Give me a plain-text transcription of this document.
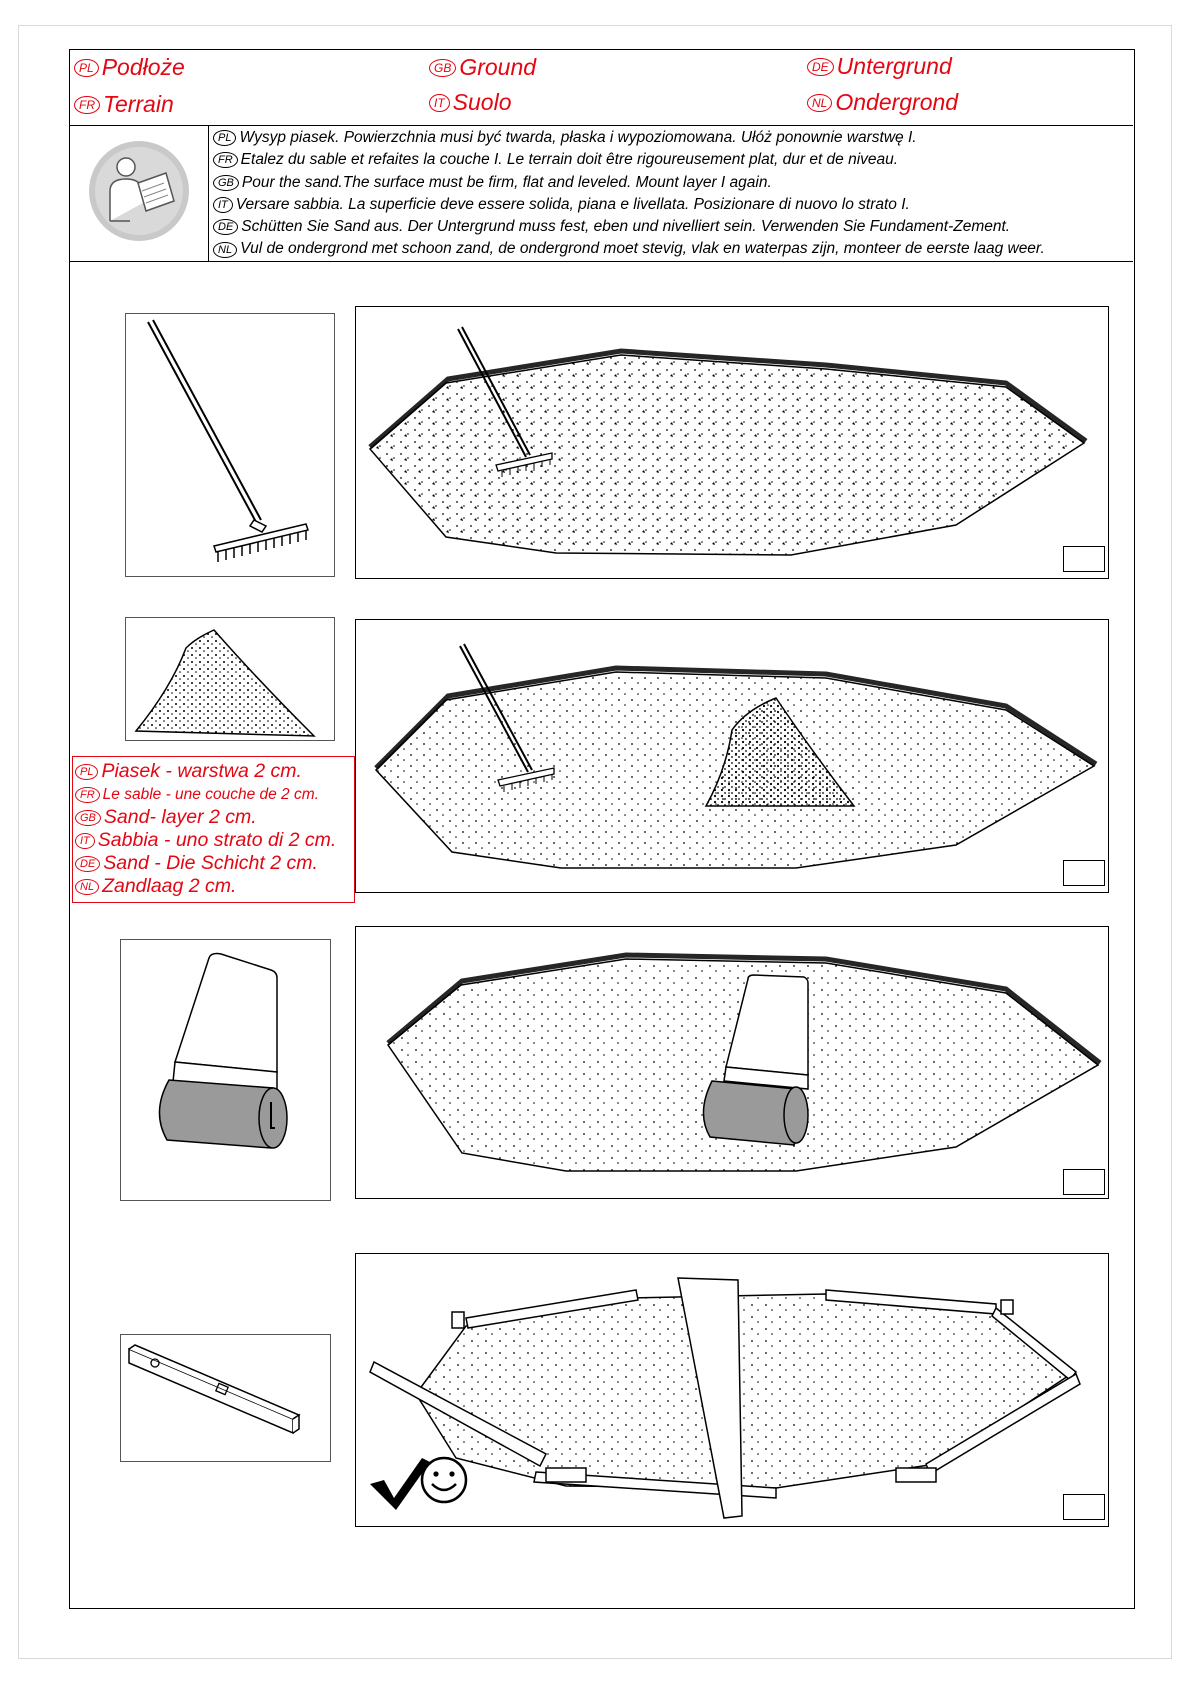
PL Podłoże	GB Ground	DE Untergrund
FR Terrain	IT Suolo	NL Ondergrond
PL Wysyp piasek. Powierzchnia musi być twarda, płaska i wypoziomowana. Ułóż ponownie warstwę I.
FR Etalez du sable et refaites la couche I. Le terrain doit être rigoureusement plat, dur et de niveau.
GB Pour the sand.The surface must be firm, flat and leveled. Mount layer I again.
IT Versare sabbia. La superficie deve essere solida, piana e livellata. Posizionare di nuovo lo strato I.
DE Schütten Sie Sand aus. Der Untergrund muss fest, eben und nivelliert sein. Verwenden Sie Fundament-Zement.
NL Vul de ondergrond met schoon zand, de ondergrond moet stevig, vlak en waterpas zijn, monteer de eerste laag weer.
PL Piasek - warstwa 2 cm.
FR Le sable - une couche de 2 cm.
GB Sand- layer 2 cm.
IT Sabbia - uno strato di 2 cm.
DE Sand - Die Schicht 2 cm.
NL Zandlaag 2 cm.
